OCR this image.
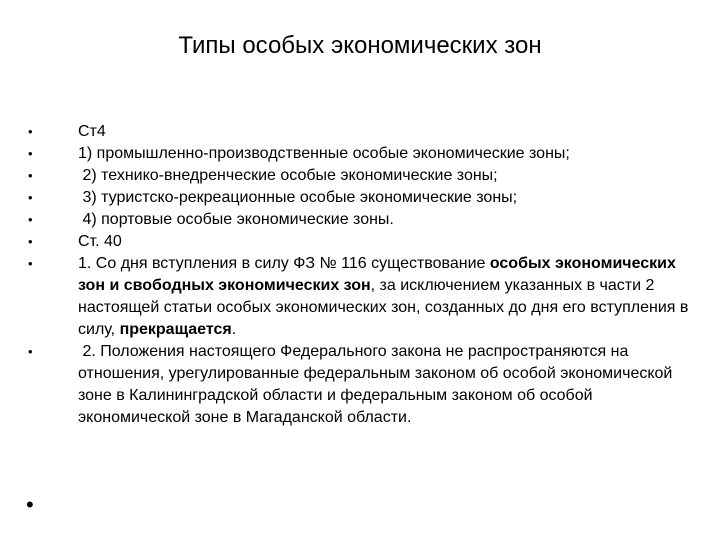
Типы особых экономических зон
•	Ст4
•	1) промышленно-производственные особые экономические зоны;
•	2) технико-внедренческие особые экономические зоны;
•	3) туристско-рекреационные особые экономические зоны;
•	4) портовые особые экономические зоны.
•	Ст. 40
•	1. Со дня вступления в силу ФЗ № 116 существование особых экономических зон и свободных экономических зон, за исключением указанных в части 2 настоящей статьи особых экономических зон, созданных до дня его вступления в силу, прекращается.
•	2. Положения настоящего Федерального закона не распространяются на отношения, урегулированные федеральным законом об особой экономической зоне в Калининградской области и федеральным законом об особой экономической зоне в Магаданской области.
•
